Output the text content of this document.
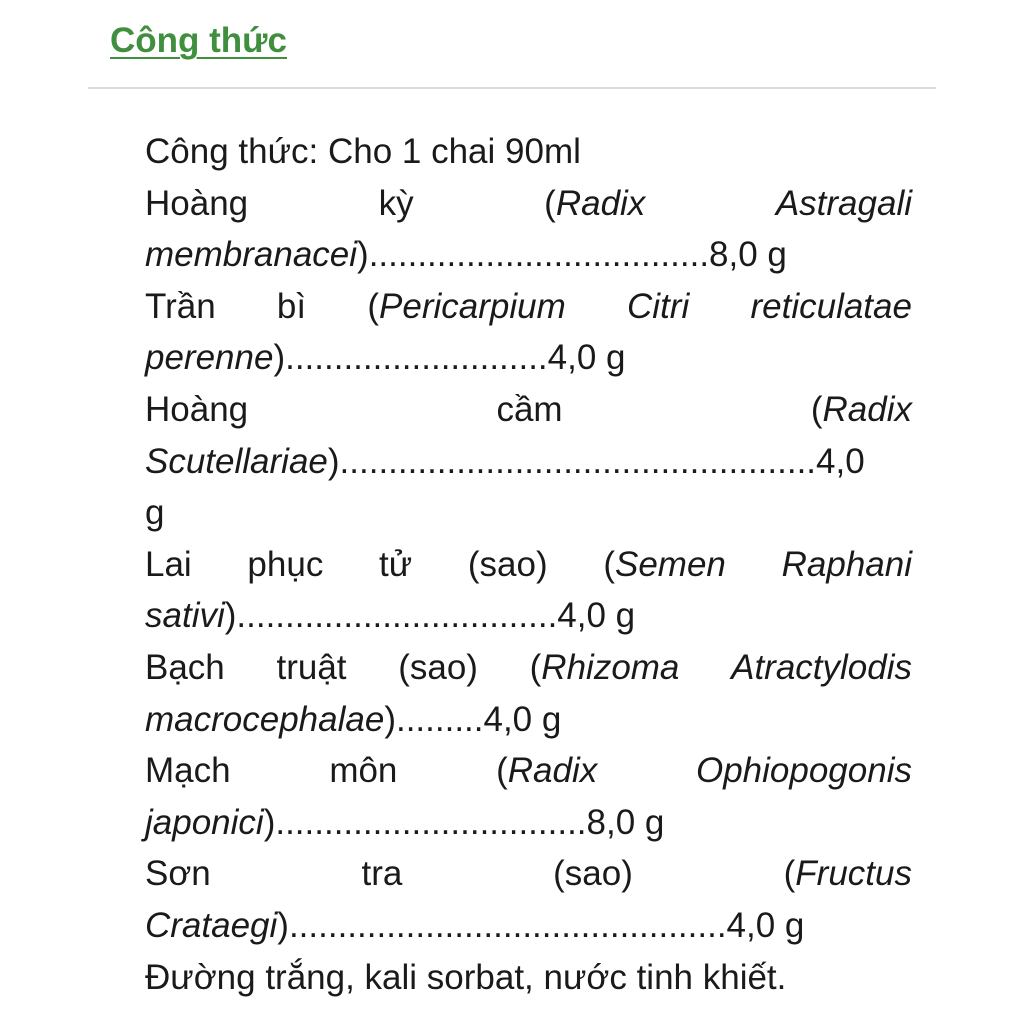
Công thức
Công thức: Cho 1 chai 90ml
Hoàng	kỳ	(Radix	Astragali
membranacei)...................................8,0 g
Trần bì (Pericarpium Citri reticulatae
perenne)...........................4,0 g
Hoàng	cầm	(Radix
Scutellariae).................................................4,0
g
Lai phục tử (sao) (Semen Raphani
sativi).................................4,0 g
Bạch truật (sao) (Rhizoma Atractylodis
macrocephalae).........4,0 g
Mạch	môn	(Radix	Ophiopogonis
japonici)................................8,0 g
Sơn	tra	(sao)	(Fructus
Crataegi).............................................4,0 g
Đường trắng, kali sorbat, nước tinh khiết.
